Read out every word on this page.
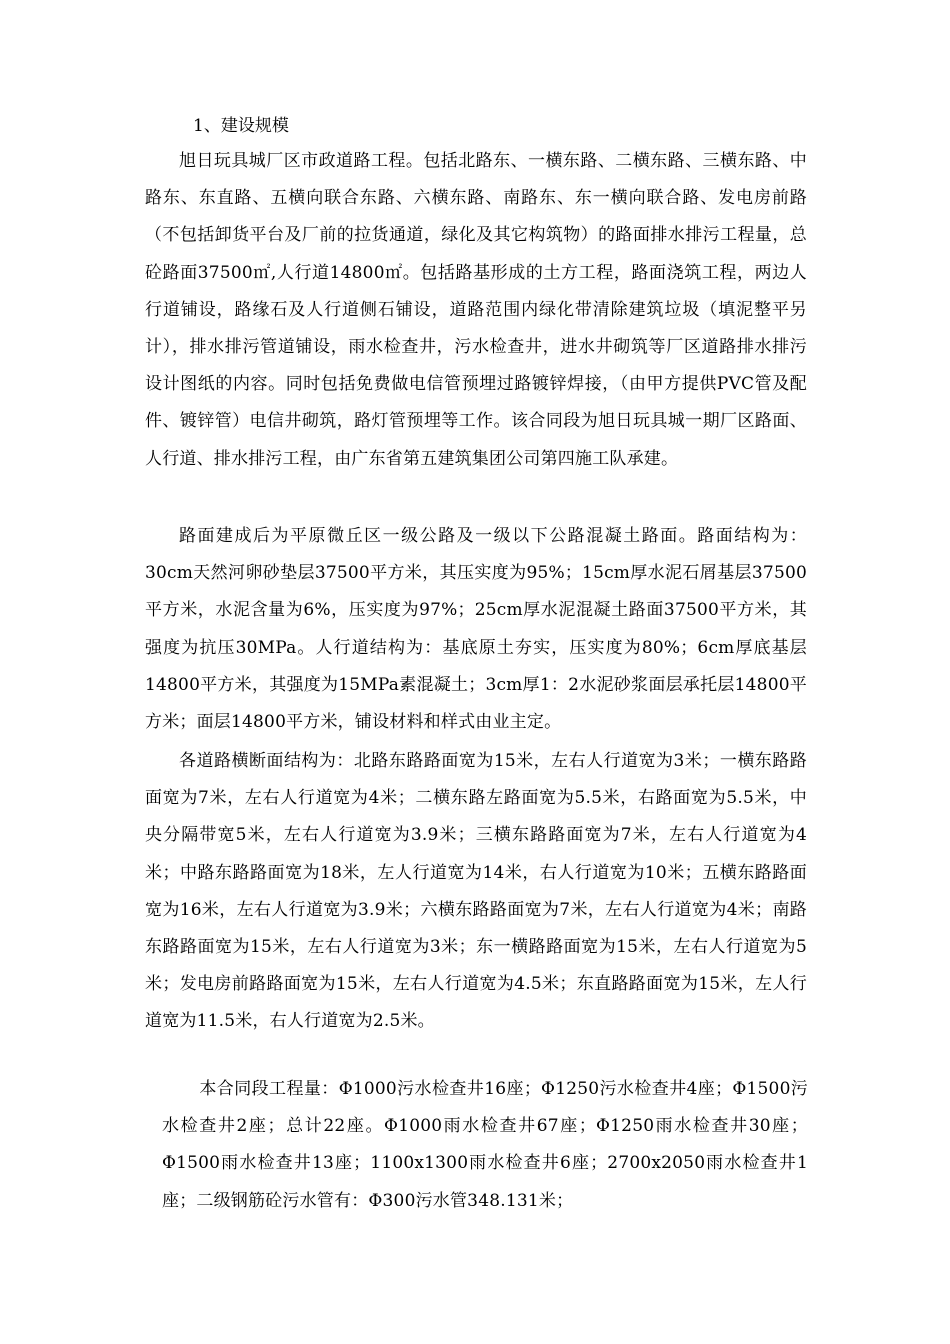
1、建设规模

旭日玩具城厂区市政道路工程。包括北路东、一横东路、二横东路、三横东路、中路东、东直路、五横向联合东路、六横东路、南路东、东一横向联合路、发电房前路（不包括卸货平台及厂前的拉货通道，绿化及其它构筑物）的路面排水排污工程量，总砼路面37500㎡,人行道14800㎡。包括路基形成的土方工程，路面浇筑工程，两边人行道铺设，路缘石及人行道侧石铺设，道路范围内绿化带清除建筑垃圾（填泥整平另计），排水排污管道铺设，雨水检查井，污水检查井，进水井砌筑等厂区道路排水排污设计图纸的内容。同时包括免费做电信管预埋过路镀锌焊接，（由甲方提供PVC管及配件、镀锌管）电信井砌筑，路灯管预埋等工作。该合同段为旭日玩具城一期厂区路面、人行道、排水排污工程，由广东省第五建筑集团公司第四施工队承建。

路面建成后为平原微丘区一级公路及一级以下公路混凝土路面。路面结构为：30cm天然河卵砂垫层37500平方米，其压实度为95%；15cm厚水泥石屑基层37500平方米，水泥含量为6%，压实度为97%；25cm厚水泥混凝土路面37500平方米，其强度为抗压30MPa。人行道结构为：基底原土夯实，压实度为80%；6cm厚底基层14800平方米，其强度为15MPa素混凝土；3cm厚1：2水泥砂浆面层承托层14800平方米；面层14800平方米，铺设材料和样式由业主定。

各道路横断面结构为：北路东路路面宽为15米，左右人行道宽为3米；一横东路路面宽为7米，左右人行道宽为4米；二横东路左路面宽为5.5米，右路面宽为5.5米，中央分隔带宽5米，左右人行道宽为3.9米；三横东路路面宽为7米，左右人行道宽为4米；中路东路路面宽为18米，左人行道宽为14米，右人行道宽为10米；五横东路路面宽为16米，左右人行道宽为3.9米；六横东路路面宽为7米，左右人行道宽为4米；南路东路路面宽为15米，左右人行道宽为3米；东一横路路面宽为15米，左右人行道宽为5米；发电房前路路面宽为15米，左右人行道宽为4.5米；东直路路面宽为15米，左人行道宽为11.5米，右人行道宽为2.5米。

本合同段工程量：Φ1000污水检查井16座；Φ1250污水检查井4座；Φ1500污水检查井2座；总计22座。Φ1000雨水检查井67座；Φ1250雨水检查井30座；Φ1500雨水检查井13座；1100x1300雨水检查井6座；2700x2050雨水检查井1座；二级钢筋砼污水管有：Φ300污水管348.131米；
